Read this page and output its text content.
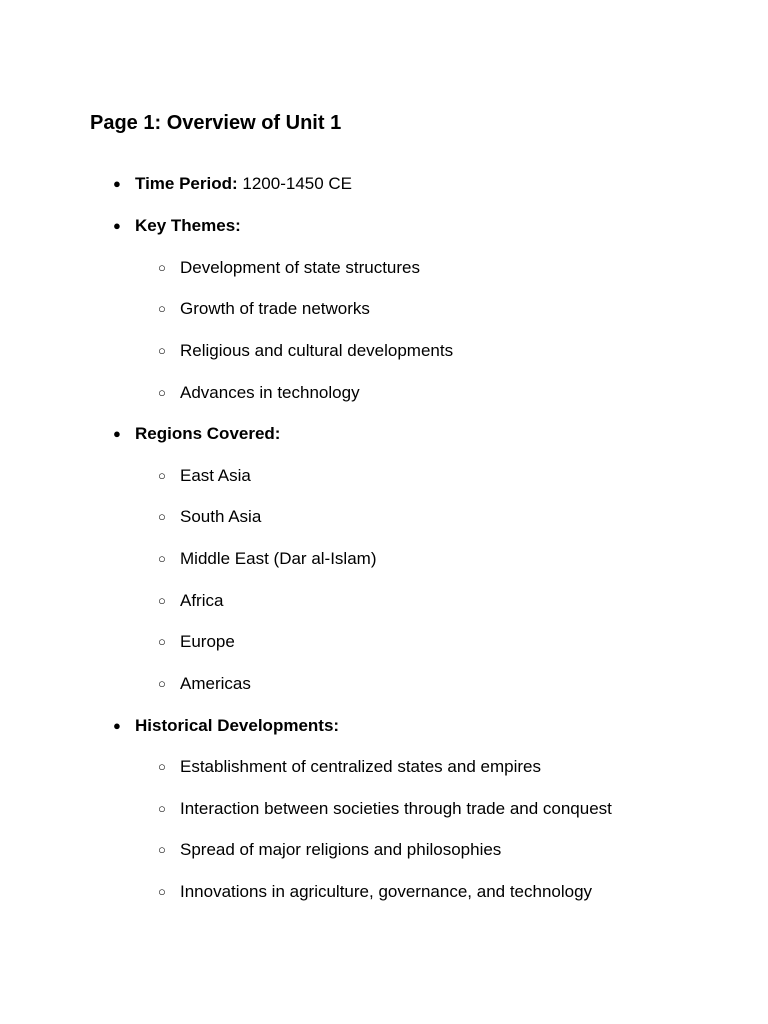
Page 1: Overview of Unit 1
● Time Period: 1200-1450 CE
● Key Themes:
○ Development of state structures
○ Growth of trade networks
○ Religious and cultural developments
○ Advances in technology
● Regions Covered:
○ East Asia
○ South Asia
○ Middle East (Dar al-Islam)
○ Africa
○ Europe
○ Americas
● Historical Developments:
○ Establishment of centralized states and empires
○ Interaction between societies through trade and conquest
○ Spread of major religions and philosophies
○ Innovations in agriculture, governance, and technology
